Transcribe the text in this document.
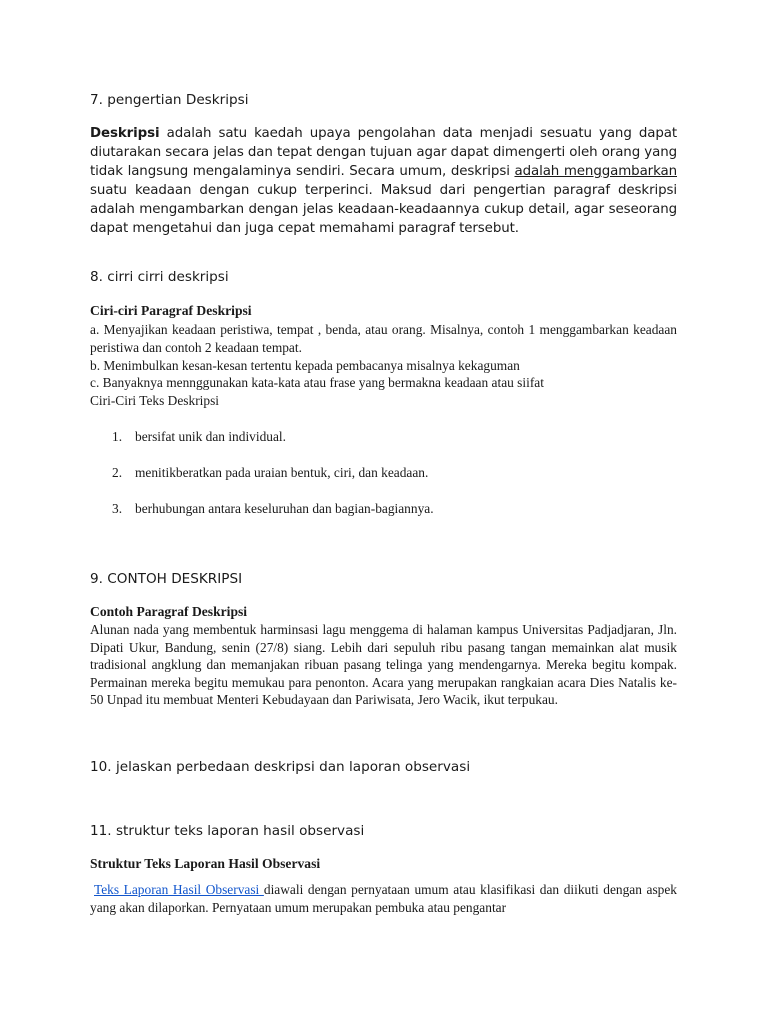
7. pengertian Deskripsi

Deskripsi adalah satu kaedah upaya pengolahan data menjadi sesuatu yang dapat diutarakan secara jelas dan tepat dengan tujuan agar dapat dimengerti oleh orang yang tidak langsung mengalaminya sendiri. Secara umum, deskripsi adalah menggambarkan suatu keadaan dengan cukup terperinci. Maksud dari pengertian paragraf deskripsi adalah mengambarkan dengan jelas keadaan-keadaannya cukup detail, agar seseorang dapat mengetahui dan juga cepat memahami paragraf tersebut.

8. cirri cirri deskripsi
Ciri-ciri Paragraf Deskripsi

a. Menyajikan keadaan peristiwa, tempat , benda, atau orang. Misalnya, contoh 1 menggambarkan keadaan peristiwa dan contoh 2 keadaan tempat.

b. Menimbulkan kesan-kesan tertentu kepada pembacanya misalnya kekaguman

c. Banyaknya mennggunakan kata-kata atau frase yang bermakna keadaan atau siifat

Ciri-Ciri Teks Deskripsi

1. bersifat unik dan individual.
2. menitikberatkan pada uraian bentuk, ciri, dan keadaan.
3. berhubungan antara keseluruhan dan bagian-bagiannya.
9. CONTOH DESKRIPSI
Contoh Paragraf Deskripsi

Alunan nada yang membentuk harminsasi lagu menggema di halaman kampus Universitas Padjadjaran, Jln. Dipati Ukur, Bandung, senin (27/8) siang. Lebih dari sepuluh ribu pasang tangan memainkan alat musik tradisional angklung dan memanjakan ribuan pasang telinga yang mendengarnya. Mereka begitu kompak. Permainan mereka begitu memukau para penonton. Acara yang merupakan rangkaian acara Dies Natalis ke-50 Unpad itu membuat Menteri Kebudayaan dan Pariwisata, Jero Wacik, ikut terpukau.

10. jelaskan perbedaan deskripsi dan laporan observasi
11. struktur teks laporan hasil observasi
Struktur Teks Laporan Hasil Observasi

Teks Laporan Hasil Observasi diawali dengan pernyataan umum atau klasifikasi dan diikuti dengan aspek yang akan dilaporkan. Pernyataan umum merupakan pembuka atau pengantar
